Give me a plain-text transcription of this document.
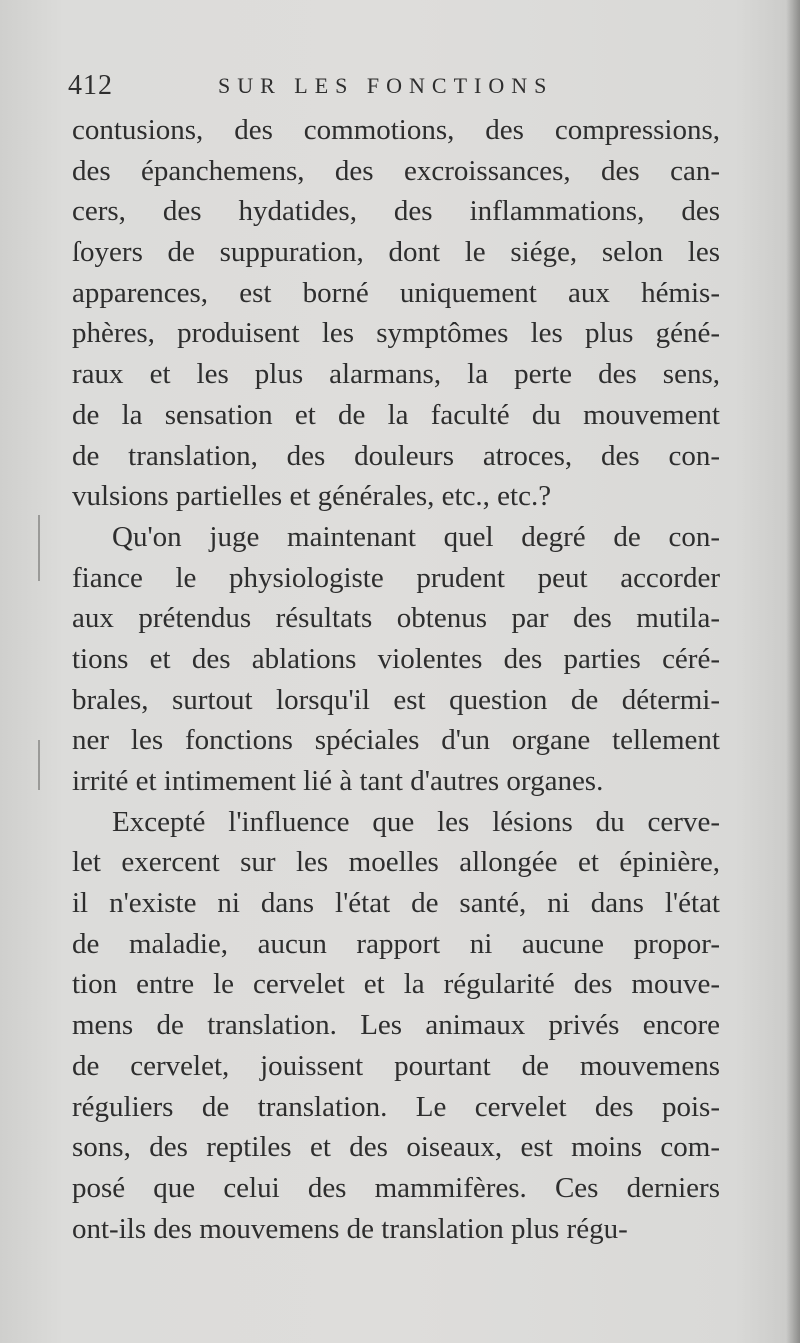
412	SUR LES FONCTIONS
contusions, des commotions, des compressions,
des épanchemens, des excroissances, des can-
cers, des hydatides, des inflammations, des
ſoyers de suppuration, dont le siége, selon les
apparences, est borné uniquement aux hémis-
phères, produisent les symptômes les plus géné-
raux et les plus alarmans, la perte des sens,
de la sensation et de la faculté du mouvement
de translation, des douleurs atroces, des con-
vulsions partielles et générales, etc., etc.?
Qu'on juge maintenant quel degré de con-
fiance le physiologiste prudent peut accorder
aux prétendus résultats obtenus par des mutila-
tions et des ablations violentes des parties céré-
brales, surtout lorsqu'il est question de détermi-
ner les fonctions spéciales d'un organe tellement
irrité et intimement lié à tant d'autres organes.
Excepté l'influence que les lésions du cerve-
let exercent sur les moelles allongée et épinière,
il n'existe ni dans l'état de santé, ni dans l'état
de maladie, aucun rapport ni aucune propor-
tion entre le cervelet et la régularité des mouve-
mens de translation. Les animaux privés encore
de cervelet, jouissent pourtant de mouvemens
réguliers de translation. Le cervelet des pois-
sons, des reptiles et des oiseaux, est moins com-
posé que celui des mammifères. Ces derniers
ont-ils des mouvemens de translation plus régu-
